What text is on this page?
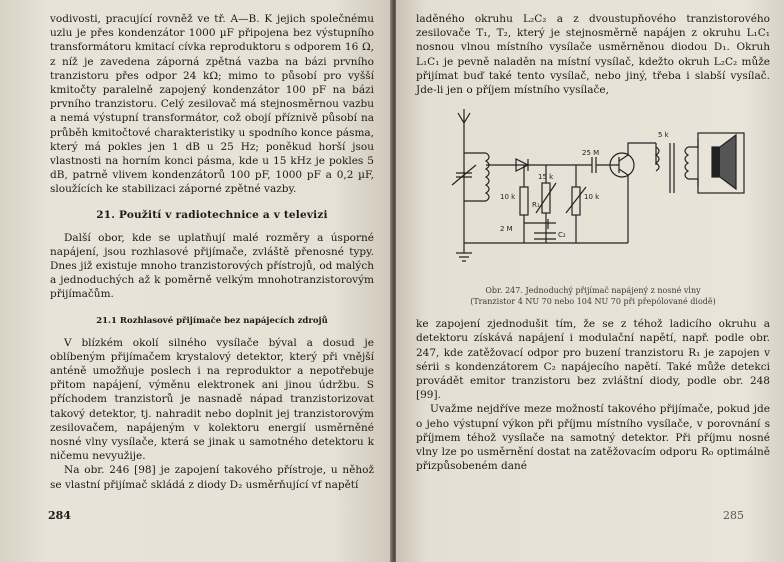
vodivosti, pracující rovněž ve tř. A—B. K jejich společnému uzlu je přes kondenzátor 1000 µF připojena bez výstupního transformátoru kmitací cívka reproduktoru s odporem 16 Ω, z níž je zavedena záporná zpětná vazba na bázi prvního tranzistoru přes odpor 24 kΩ; mimo to působí pro vyšší kmitočty paralelně zapojený kondenzátor 100 pF na bázi prvního tranzistoru. Celý zesilovač má stejnosměrnou vazbu a nemá výstupní transformátor, což obojí příznivě působí na průběh kmitočtové charakteristiky u spodního konce pásma, který má pokles jen 1 dB u 25 Hz; poněkud horší jsou vlastnosti na horním konci pásma, kde u 15 kHz je pokles 5 dB, patrně vlivem kondenzátorů 100 pF, 1000 pF a 0,2 µF, sloužících ke stabilizaci záporné zpětné vazby.

21. Použití v radiotechnice a v televizi

Další obor, kde se uplatňují malé rozměry a úsporné napájení, jsou rozhlasové přijímače, zvláště přenosné typy. Dnes již existuje mnoho tranzistorových přístrojů, od malých a jednoduchých až k poměrně velkým mnohotranzistorovým přijímačům.

21.1 Rozhlasové přijímače bez napájecích zdrojů

V blízkém okolí silného vysílače býval a dosud je oblíbeným přijímačem krystalový detektor, který při vnější anténě umožňuje poslech i na reproduktor a nepotřebuje přitom napájení, výměnu elektronek ani jinou údržbu. S příchodem tranzistorů je nasnadě nápad tranzistorizovat takový detektor, tj. nahradit nebo doplnit jej tranzistorovým zesilovačem, napájeným v kolektoru energií usměrněné nosné vlny vysílače, která se jinak u samotného detektoru k ničemu nevyužije.

Na obr. 246 [98] je zapojení takového přístroje, u něhož se vlastní přijímač skládá z diody D₂ usměrňující vf napětí

284

laděného okruhu L₂C₂ a z dvoustupňového tranzistorového zesilovače T₁, T₂, který je stejnosměrně napájen z okruhu L₁C₁ nosnou vlnou místního vysílače usměrněnou diodou D₁. Okruh L₁C₁ je pevně naladěn na místní vysílač, kdežto okruh L₂C₂ může přijímat buď také tento vysílač, nebo jiný, třeba i slabší vysílač. Jde-li jen o příjem místního vysílače,

25 M
15 k
10 k	10 k
2 M
R₁
C₂
5 k
Obr. 247. Jednoduchý přijímač napájený z nosné vlny
(Tranzistor 4 NU 70 nebo 104 NU 70 při přepólované diodě)

ke zapojení zjednodušit tím, že se z téhož ladicího okruhu a detektoru získává napájení i modulační napětí, např. podle obr. 247, kde zatěžovací odpor pro buzení tranzistoru R₁ je zapojen v sérii s kondenzátorem C₂ napájecího napětí. Také může detekci provádět emitor tranzistoru bez zvláštní diody, podle obr. 248 [99].

Uvažme nejdříve meze možností takového přijímače, pokud jde o jeho výstupní výkon při příjmu místního vysílače, v porovnání s příjmem téhož vysílače na samotný detektor. Při příjmu nosné vlny lze po usměrnění dostat na zatěžovacím odporu R₀ optimálně přizpůsobeném dané

285
